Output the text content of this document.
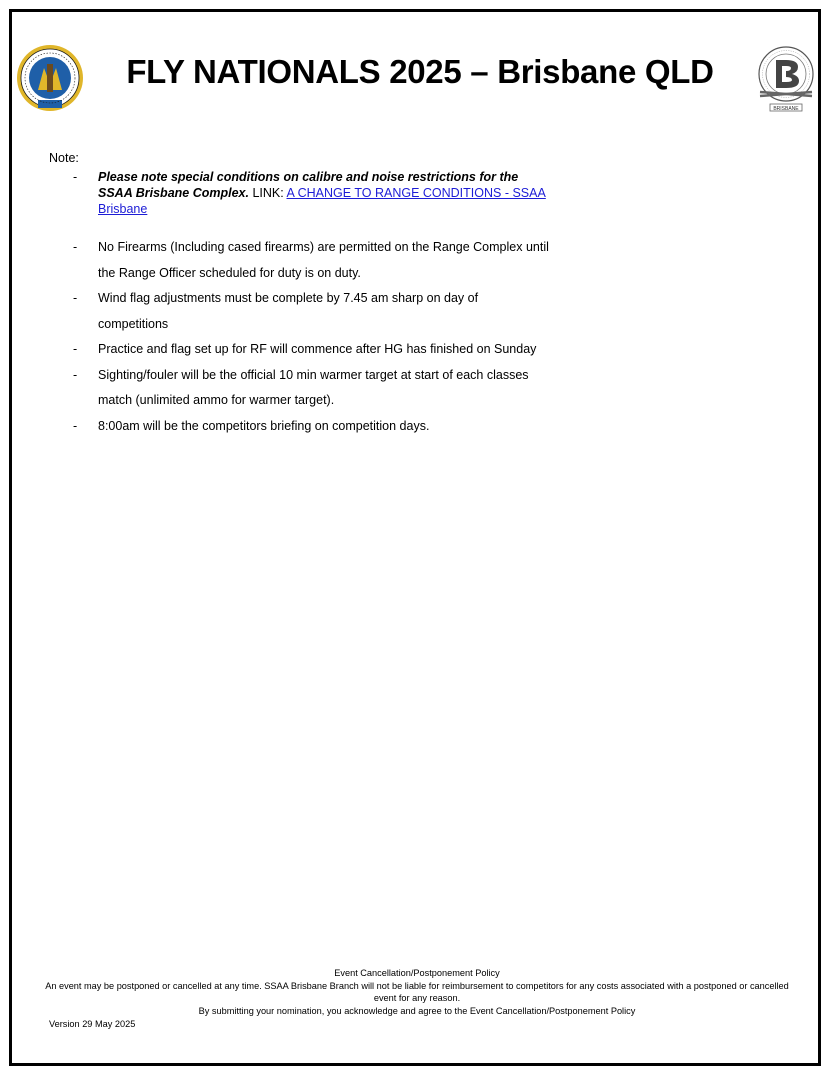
BRISBANE
FLY NATIONALS 2025 – Brisbane QLD
Note:
- Please note special conditions on calibre and noise restrictions for the SSAA Brisbane Complex. LINK: A CHANGE TO RANGE CONDITIONS - SSAA Brisbane
- No Firearms (Including cased firearms) are permitted on the Range Complex until the Range Officer scheduled for duty is on duty.
- Wind flag adjustments must be complete by 7.45 am sharp on day of competitions
- Practice and flag set up for RF will commence after HG has finished on Sunday
- Sighting/fouler will be the official 10 min warmer target at start of each classes match (unlimited ammo for warmer target).
- 8:00am will be the competitors briefing on competition days.
Event Cancellation/Postponement Policy
An event may be postponed or cancelled at any time. SSAA Brisbane Branch will not be liable for reimbursement to competitors for any costs associated with a postponed or cancelled event for any reason.
By submitting your nomination, you acknowledge and agree to the Event Cancellation/Postponement Policy
Version 29 May 2025
